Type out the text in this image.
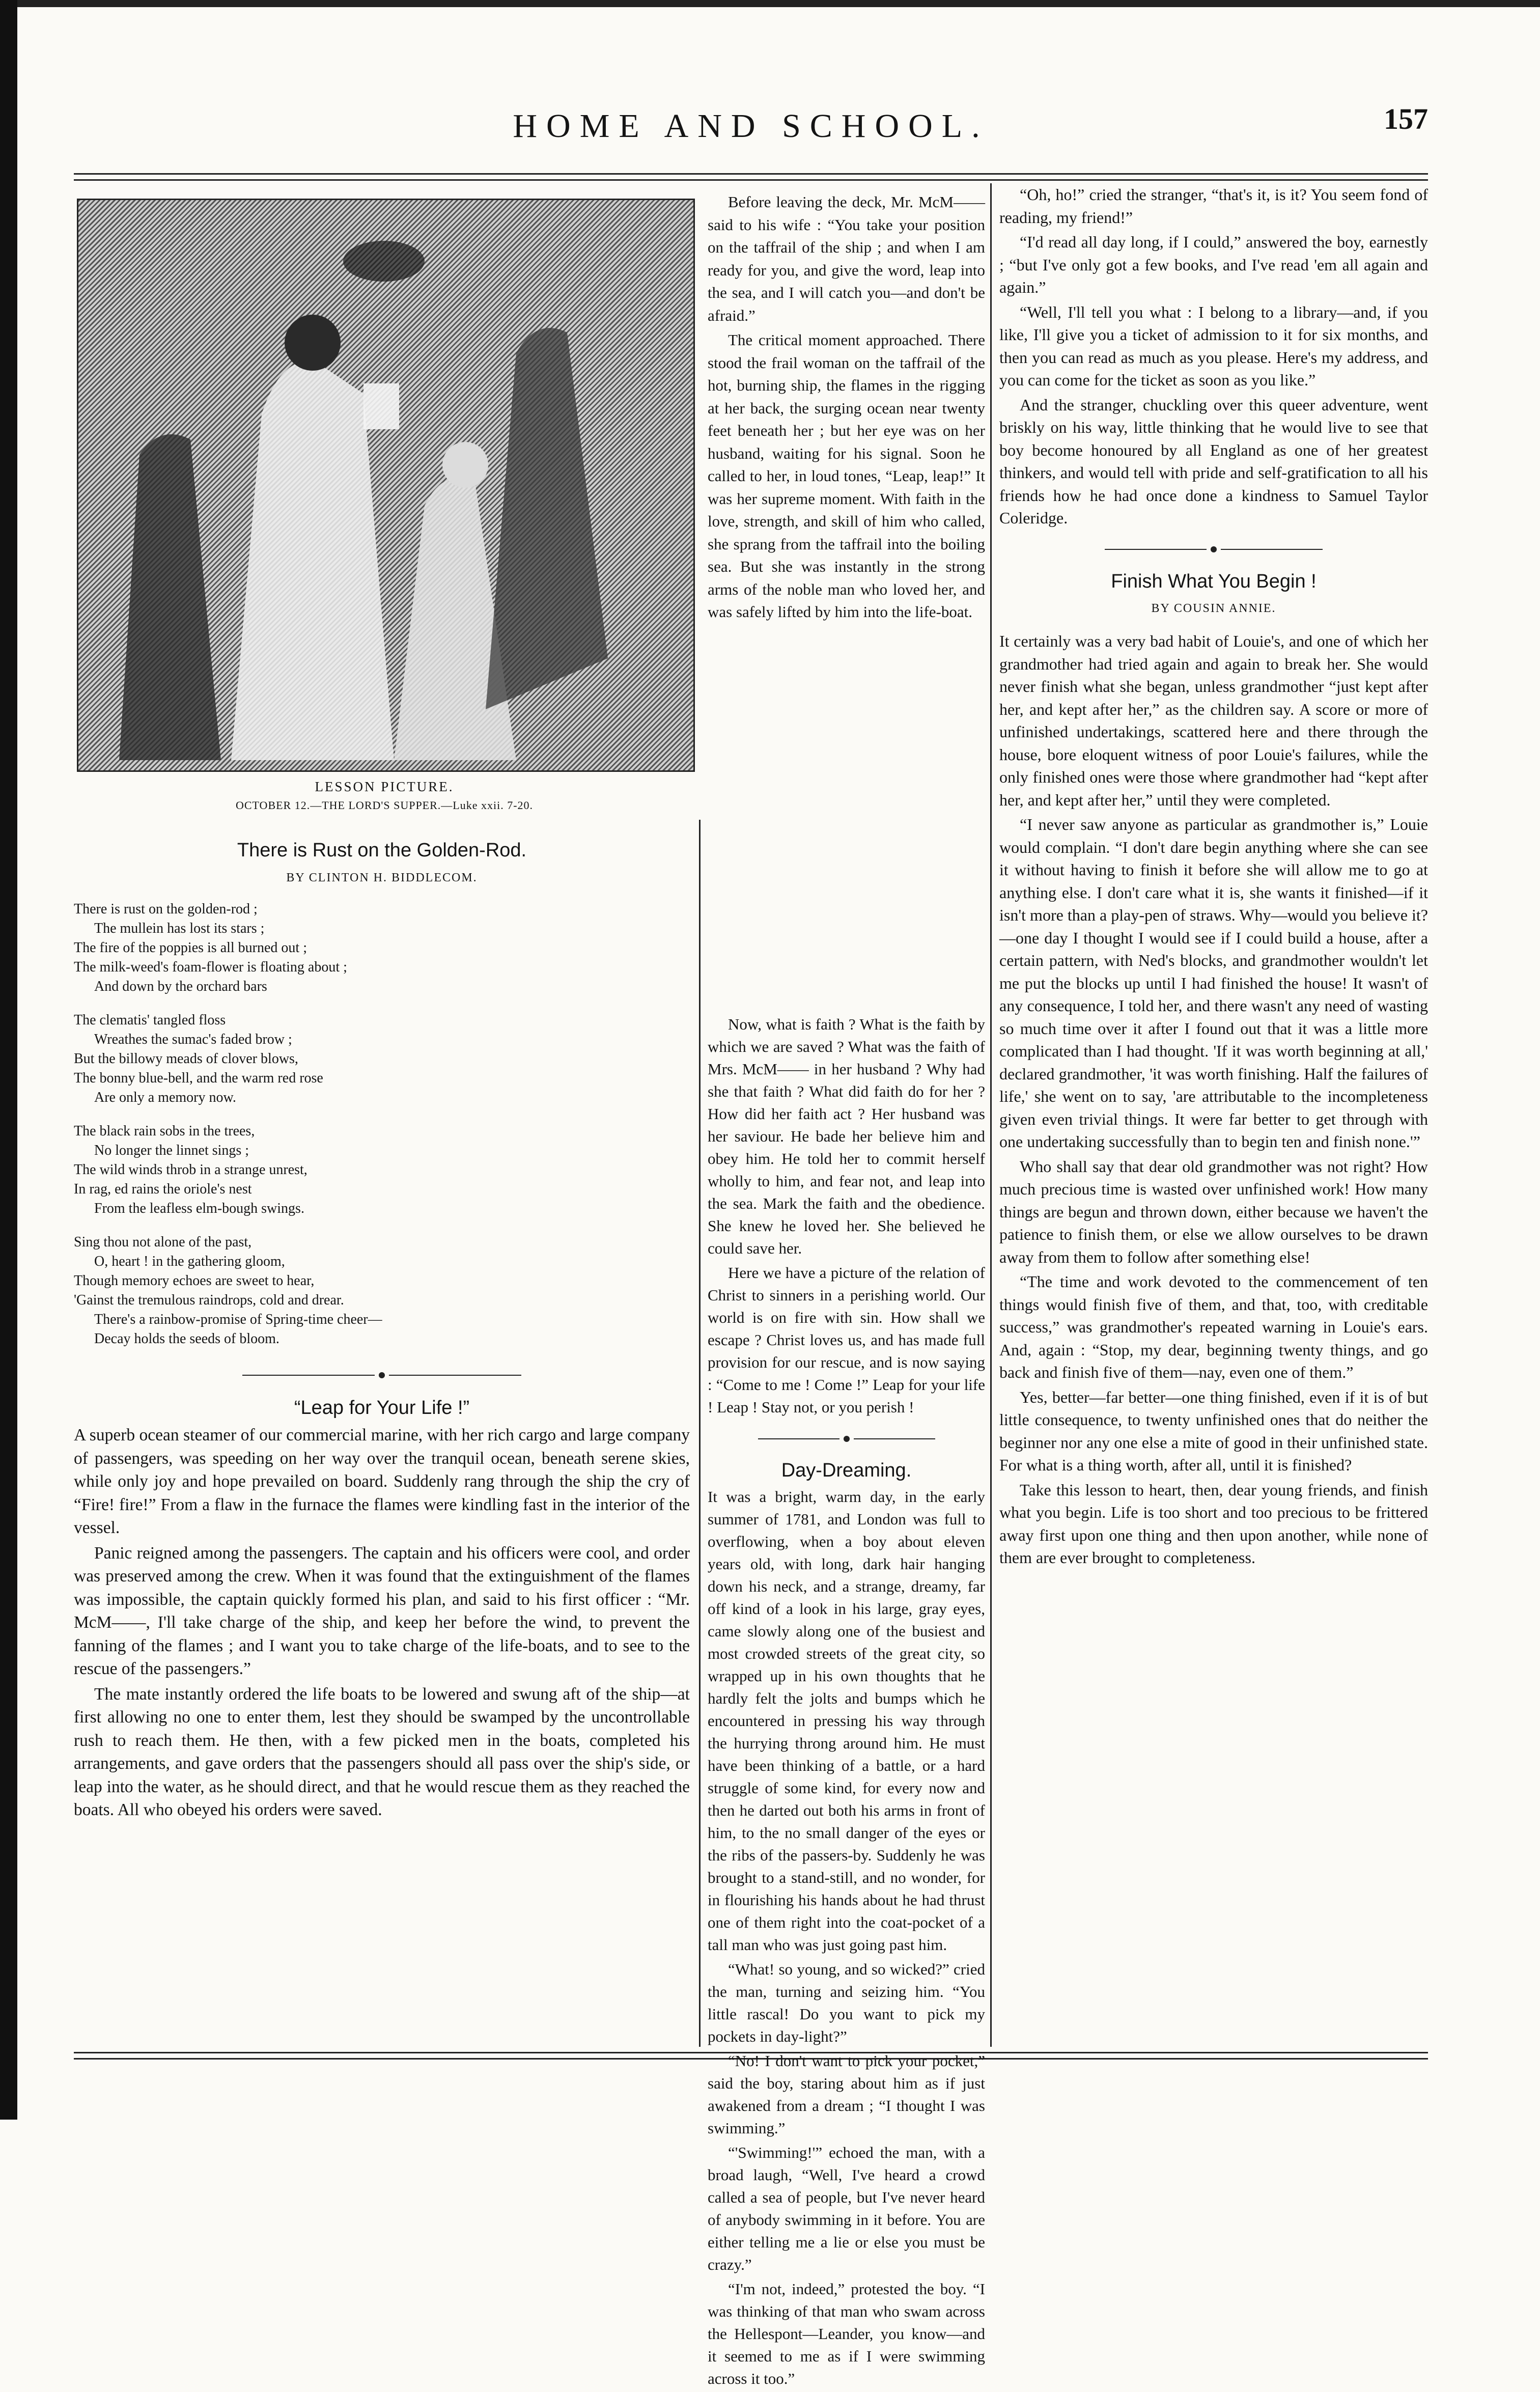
HOME AND SCHOOL.	157
LESSON PICTURE.
OCTOBER 12.—THE LORD'S SUPPER.—Luke xxii. 7-20.
There is Rust on the Golden-Rod.
BY CLINTON H. BIDDLECOM.
There is rust on the golden-rod ;
The mullein has lost its stars ;
The fire of the poppies is all burned out ;
The milk-weed's foam-flower is floating about ;
And down by the orchard bars
The clematis' tangled floss
Wreathes the sumac's faded brow ;
But the billowy meads of clover blows,
The bonny blue-bell, and the warm red rose
Are only a memory now.
The black rain sobs in the trees,
No longer the linnet sings ;
The wild winds throb in a strange unrest,
In rag, ed rains the oriole's nest
From the leafless elm-bough swings.
Sing thou not alone of the past,
O, heart ! in the gathering gloom,
Though memory echoes are sweet to hear,
'Gainst the tremulous raindrops, cold and drear.
There's a rainbow-promise of Spring-time cheer—
Decay holds the seeds of bloom.
“Leap for Your Life !”

A superb ocean steamer of our commercial marine, with her rich cargo and large company of passengers, was speeding on her way over the tranquil ocean, beneath serene skies, while only joy and hope prevailed on board. Suddenly rang through the ship the cry of “Fire! fire!” From a flaw in the furnace the flames were kindling fast in the interior of the vessel.

Panic reigned among the passengers. The captain and his officers were cool, and order was preserved among the crew. When it was found that the extinguishment of the flames was impossible, the captain quickly formed his plan, and said to his first officer : “Mr. McM——, I'll take charge of the ship, and keep her before the wind, to prevent the fanning of the flames ; and I want you to take charge of the life-boats, and to see to the rescue of the passengers.”

The mate instantly ordered the life boats to be lowered and swung aft of the ship—at first allowing no one to enter them, lest they should be swamped by the uncontrollable rush to reach them. He then, with a few picked men in the boats, completed his arrangements, and gave orders that the passengers should all pass over the ship's side, or leap into the water, as he should direct, and that he would rescue them as they reached the boats. All who obeyed his orders were saved.

Before leaving the deck, Mr. McM—— said to his wife : “You take your position on the taffrail of the ship ; and when I am ready for you, and give the word, leap into the sea, and I will catch you—and don't be afraid.”

The critical moment approached. There stood the frail woman on the taffrail of the hot, burning ship, the flames in the rigging at her back, the surging ocean near twenty feet beneath her ; but her eye was on her husband, waiting for his signal. Soon he called to her, in loud tones, “Leap, leap!” It was her supreme moment. With faith in the love, strength, and skill of him who called, she sprang from the taffrail into the boiling sea. But she was instantly in the strong arms of the noble man who loved her, and was safely lifted by him into the life-boat.

Now, what is faith ? What is the faith by which we are saved ? What was the faith of Mrs. McM—— in her husband ? Why had she that faith ? What did faith do for her ? How did her faith act ? Her husband was her saviour. He bade her believe him and obey him. He told her to commit herself wholly to him, and fear not, and leap into the sea. Mark the faith and the obedience. She knew he loved her. She believed he could save her.

Here we have a picture of the relation of Christ to sinners in a perishing world. Our world is on fire with sin. How shall we escape ? Christ loves us, and has made full provision for our rescue, and is now saying : “Come to me ! Come !” Leap for your life ! Leap ! Stay not, or you perish !

Day-Dreaming.

It was a bright, warm day, in the early summer of 1781, and London was full to overflowing, when a boy about eleven years old, with long, dark hair hanging down his neck, and a strange, dreamy, far off kind of a look in his large, gray eyes, came slowly along one of the busiest and most crowded streets of the great city, so wrapped up in his own thoughts that he hardly felt the jolts and bumps which he encountered in pressing his way through the hurrying throng around him. He must have been thinking of a battle, or a hard struggle of some kind, for every now and then he darted out both his arms in front of him, to the no small danger of the eyes or the ribs of the passers-by. Suddenly he was brought to a stand-still, and no wonder, for in flourishing his hands about he had thrust one of them right into the coat-pocket of a tall man who was just going past him.

“What! so young, and so wicked?” cried the man, turning and seizing him. “You little rascal! Do you want to pick my pockets in day-light?”

“No! I don't want to pick your pocket,” said the boy, staring about him as if just awakened from a dream ; “I thought I was swimming.”

“'Swimming!'” echoed the man, with a broad laugh, “Well, I've heard a crowd called a sea of people, but I've never heard of anybody swimming in it before. You are either telling me a lie or else you must be crazy.”

“I'm not, indeed,” protested the boy. “I was thinking of that man who swam across the Hellespont—Leander, you know—and it seemed to me as if I were swimming across it too.”

“Oh, ho!” cried the stranger, “that's it, is it? You seem fond of reading, my friend!”

“I'd read all day long, if I could,” answered the boy, earnestly ; “but I've only got a few books, and I've read 'em all again and again.”

“Well, I'll tell you what : I belong to a library—and, if you like, I'll give you a ticket of admission to it for six months, and then you can read as much as you please. Here's my address, and you can come for the ticket as soon as you like.”

And the stranger, chuckling over this queer adventure, went briskly on his way, little thinking that he would live to see that boy become honoured by all England as one of her greatest thinkers, and would tell with pride and self-gratification to all his friends how he had once done a kindness to Samuel Taylor Coleridge.

Finish What You Begin !
BY COUSIN ANNIE.

It certainly was a very bad habit of Louie's, and one of which her grandmother had tried again and again to break her. She would never finish what she began, unless grandmother “just kept after her, and kept after her,” as the children say. A score or more of unfinished undertakings, scattered here and there through the house, bore eloquent witness of poor Louie's failures, while the only finished ones were those where grandmother had “kept after her, and kept after her,” until they were completed.

“I never saw anyone as particular as grandmother is,” Louie would complain. “I don't dare begin anything where she can see it without having to finish it before she will allow me to go at anything else. I don't care what it is, she wants it finished—if it isn't more than a play-pen of straws. Why—would you believe it?—one day I thought I would see if I could build a house, after a certain pattern, with Ned's blocks, and grandmother wouldn't let me put the blocks up until I had finished the house! It wasn't of any consequence, I told her, and there wasn't any need of wasting so much time over it after I found out that it was a little more complicated than I had thought. 'If it was worth beginning at all,' declared grandmother, 'it was worth finishing. Half the failures of life,' she went on to say, 'are attributable to the incompleteness given even trivial things. It were far better to get through with one undertaking successfully than to begin ten and finish none.'”

Who shall say that dear old grandmother was not right? How much precious time is wasted over unfinished work! How many things are begun and thrown down, either because we haven't the patience to finish them, or else we allow ourselves to be drawn away from them to follow after something else!

“The time and work devoted to the commencement of ten things would finish five of them, and that, too, with creditable success,” was grandmother's repeated warning in Louie's ears. And, again : “Stop, my dear, beginning twenty things, and go back and finish five of them—nay, even one of them.”

Yes, better—far better—one thing finished, even if it is of but little consequence, to twenty unfinished ones that do neither the beginner nor any one else a mite of good in their unfinished state. For what is a thing worth, after all, until it is finished?

Take this lesson to heart, then, dear young friends, and finish what you begin. Life is too short and too precious to be frittered away first upon one thing and then upon another, while none of them are ever brought to completeness.
